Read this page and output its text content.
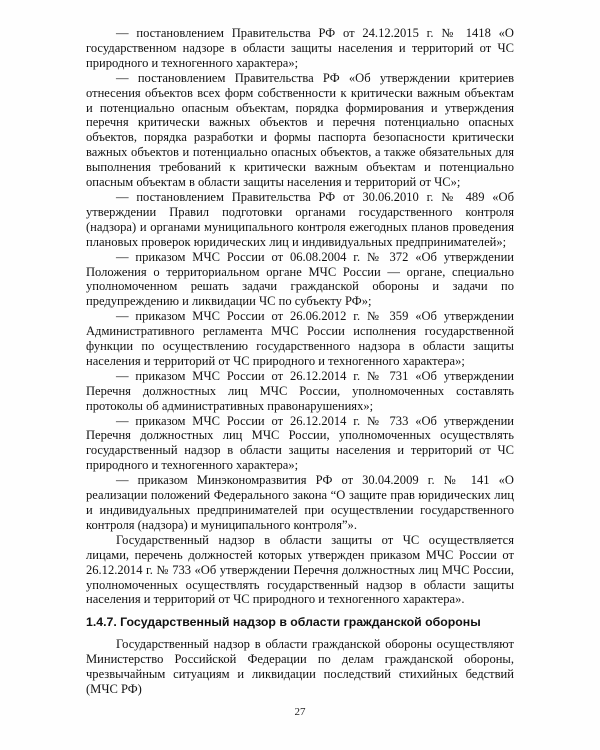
— постановлением Правительства РФ от 24.12.2015 г. № 1418 «О государственном надзоре в области защиты населения и территорий от ЧС природного и техногенного характера»;

— постановлением Правительства РФ «Об утверждении критериев отнесения объектов всех форм собственности к критически важным объектам и потенциально опасным объектам, порядка формирования и утверждения перечня критически важных объектов и перечня потенциально опасных объектов, порядка разработки и формы паспорта безопасности критически важных объектов и потенциально опасных объектов, а также обязательных для выполнения требований к критически важным объектам и потенциально опасным объектам в области защиты населения и территорий от ЧС»;

— постановлением Правительства РФ от 30.06.2010 г. № 489 «Об утверждении Правил подготовки органами государственного контроля (надзора) и органами муниципального контроля ежегодных планов проведения плановых проверок юридических лиц и индивидуальных предпринимателей»;

— приказом МЧС России от 06.08.2004 г. № 372 «Об утверждении Положения о территориальном органе МЧС России — органе, специально уполномоченном решать задачи гражданской обороны и задачи по предупреждению и ликвидации ЧС по субъекту РФ»;

— приказом МЧС России от 26.06.2012 г. № 359 «Об утверждении Административного регламента МЧС России исполнения государственной функции по осуществлению государственного надзора в области защиты населения и территорий от ЧС природного и техногенного характера»;

— приказом МЧС России от 26.12.2014 г. № 731 «Об утверждении Перечня должностных лиц МЧС России, уполномоченных составлять протоколы об административных правонарушениях»;

— приказом МЧС России от 26.12.2014 г. № 733 «Об утверждении Перечня должностных лиц МЧС России, уполномоченных осуществлять государственный надзор в области защиты населения и территорий от ЧС природного и техногенного характера»;

— приказом Минэкономразвития РФ от 30.04.2009 г. № 141 «О реализации положений Федерального закона “О защите прав юридических лиц и индивидуальных предпринимателей при осуществлении государственного контроля (надзора) и муниципального контроля”».

Государственный надзор в области защиты от ЧС осуществляется лицами, перечень должностей которых утвержден приказом МЧС России от 26.12.2014 г. № 733 «Об утверждении Перечня должностных лиц МЧС России, уполномоченных осуществлять государственный надзор в области защиты населения и территорий от ЧС природного и техногенного характера».

1.4.7. Государственный надзор в области гражданской обороны

Государственный надзор в области гражданской обороны осуществляют Министерство Российской Федерации по делам гражданской обороны, чрезвычайным ситуациям и ликвидации последствий стихийных бедствий (МЧС РФ)

27
